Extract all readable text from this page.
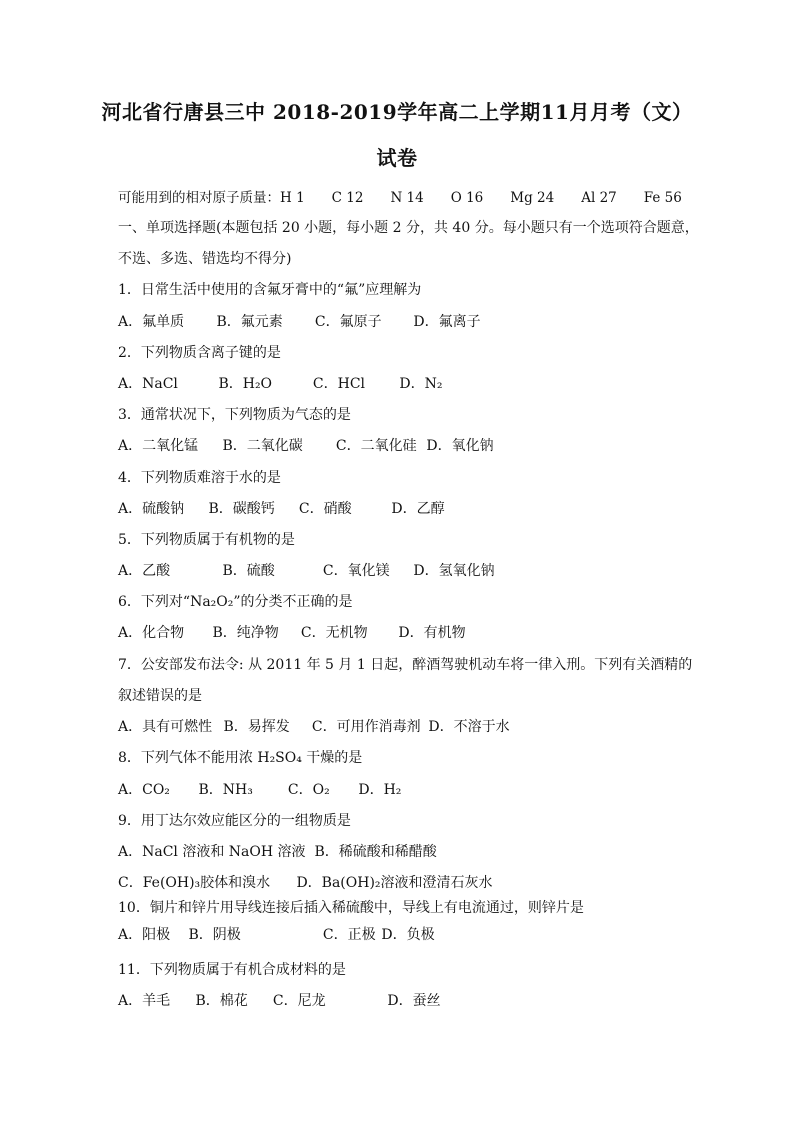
河北省行唐县三中 2018-2019学年高二上学期11月月考（文）
试卷
可能用到的相对原子质量：H 1　　C 12　　N 14　　O 16　　Mg 24　　Al 27　　Fe 56
一、单项选择题(本题包括 20 小题，每小题 2 分，共 40 分。每小题只有一个选项符合题意，
不选、多选、错选均不得分)
1．日常生活中使用的含氟牙膏中的“氟”应理解为
A．氟单质 B．氟元素 C．氟原子 D．氟离子
2．下列物质含离子键的是
A．NaCl	B．H₂O	C．HCl D．N₂
3．通常状况下，下列物质为气态的是
A．二氧化锰 B．二氧化碳 C．二氧化硅 D．氧化钠
4．下列物质难溶于水的是
A．硫酸钠 B．碳酸钙 C．硝酸	D．乙醇
5．下列物质属于有机物的是
A．乙酸	B．硫酸	C．氧化镁 D．氢氧化钠
6．下列对“Na₂O₂”的分类不正确的是
A．化合物 B．纯净物 C．无机物 D．有机物
7．公安部发布法令: 从 2011 年 5 月 1 日起，醉酒驾驶机动车将一律入刑。下列有关酒精的
叙述错误的是
A．具有可燃性 B．易挥发 C．可用作消毒剂 D．不溶于水
8．下列气体不能用浓 H₂SO₄ 干燥的是
A．CO₂ B．NH₃	C．O₂ D．H₂
9．用丁达尔效应能区分的一组物质是
A．NaCl 溶液和 NaOH 溶液 B．稀硫酸和稀醋酸
C．Fe(OH)₃胶体和溴水 D．Ba(OH)₂溶液和澄清石灰水
10．铜片和锌片用导线连接后插入稀硫酸中，导线上有电流通过，则锌片是
A．阳极 B．阴极	C．正极 D．负极
11．下列物质属于有机合成材料的是
A．羊毛 B．棉花 C．尼龙	D．蚕丝
